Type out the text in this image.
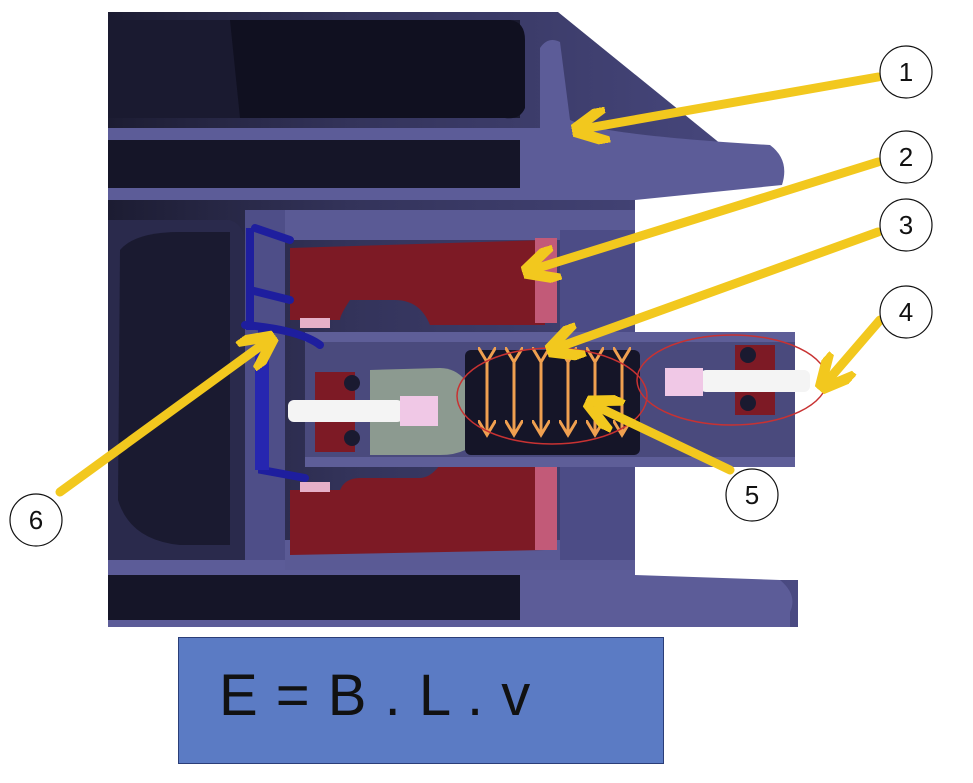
1
2
3
4
5
6
E = B . L . v
